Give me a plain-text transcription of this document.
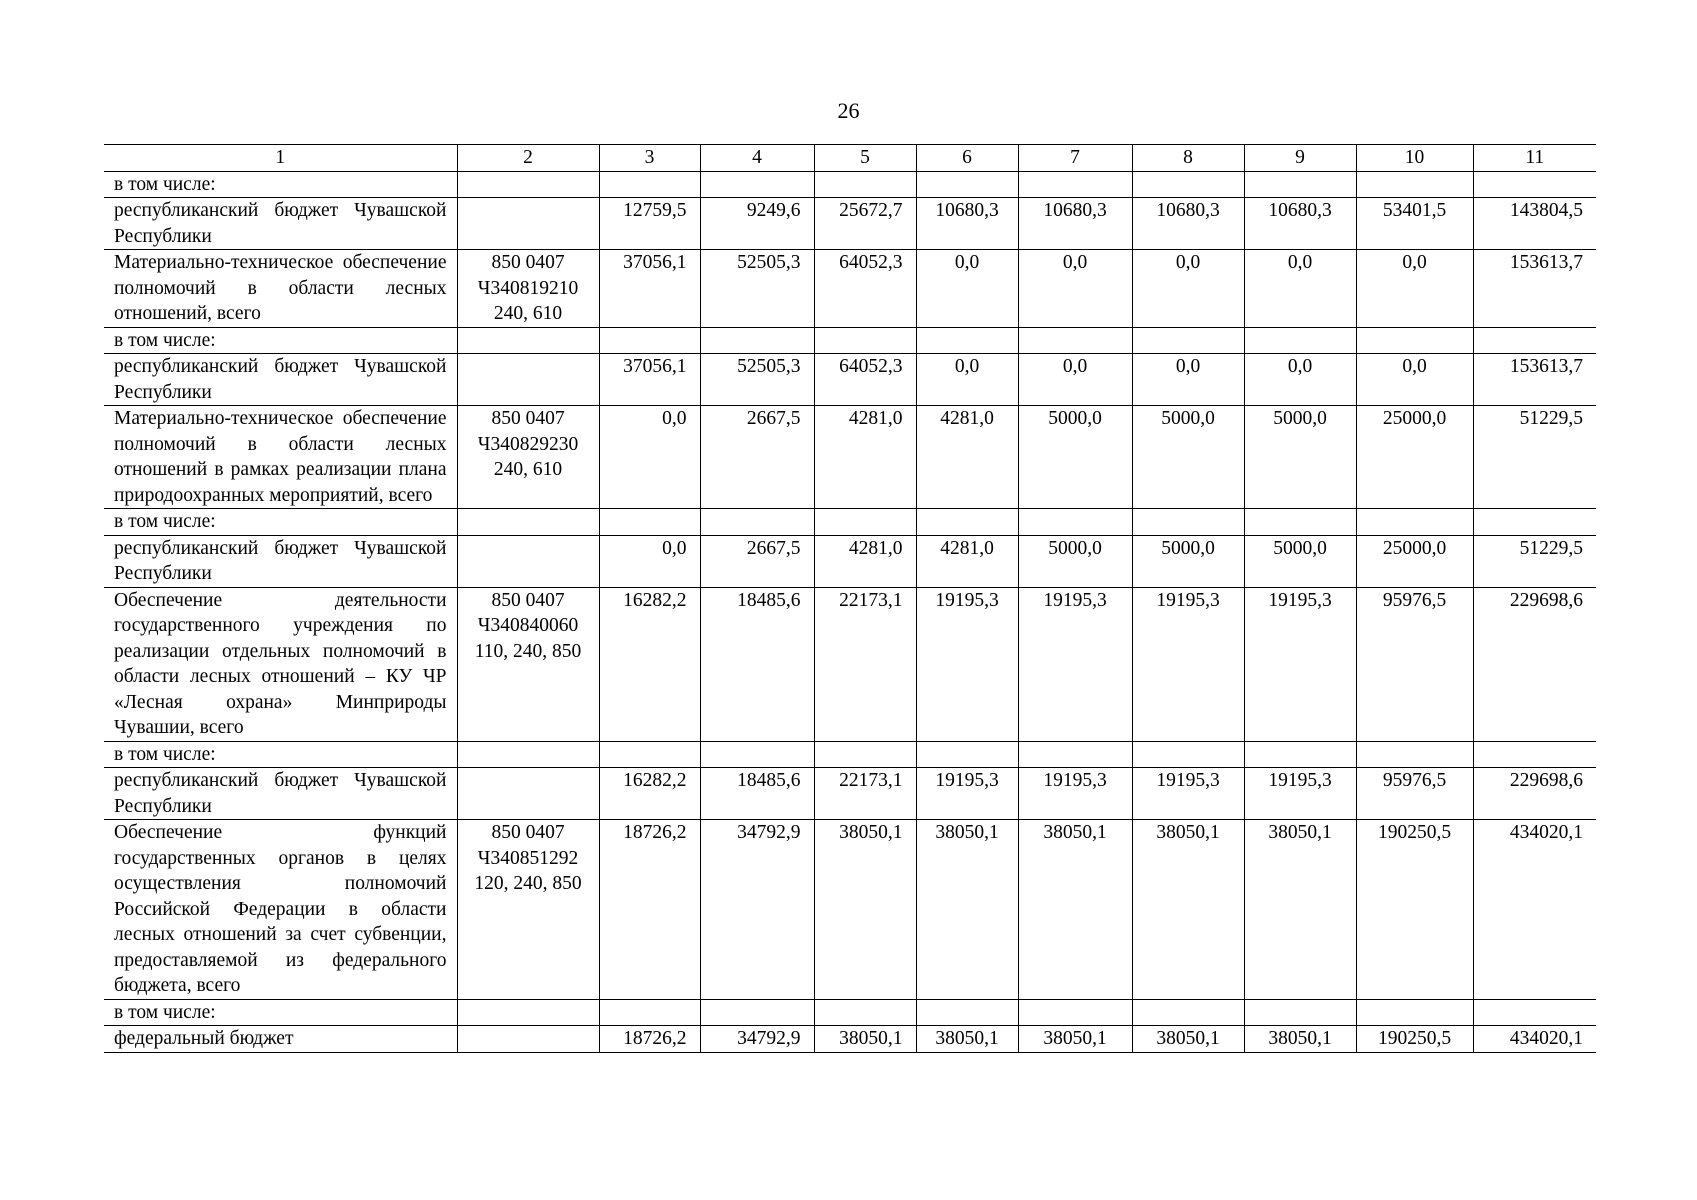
26
1	2	3	4	5	6	7	8	9	10	11
в том числе:										
республиканский бюджет Чувашской Республики		12759,5	9249,6	25672,7	10680,3	10680,3	10680,3	10680,3	53401,5	143804,5
Материально-техническое обеспечение полномочий в области лесных отношений, всего	850 0407 Ч340819210 240, 610	37056,1	52505,3	64052,3	0,0	0,0	0,0	0,0	0,0	153613,7
в том числе:										
республиканский бюджет Чувашской Республики		37056,1	52505,3	64052,3	0,0	0,0	0,0	0,0	0,0	153613,7
Материально-техническое обеспечение полномочий в области лесных отношений в рамках реализации плана природоохранных мероприятий, всего	850 0407 Ч340829230 240, 610	0,0	2667,5	4281,0	4281,0	5000,0	5000,0	5000,0	25000,0	51229,5
в том числе:										
республиканский бюджет Чувашской Республики		0,0	2667,5	4281,0	4281,0	5000,0	5000,0	5000,0	25000,0	51229,5
Обеспечение деятельности государственного учреждения по реализации отдельных полномочий в области лесных отношений – КУ ЧР «Лесная охрана» Минприроды Чувашии, всего	850 0407 Ч340840060 110, 240, 850	16282,2	18485,6	22173,1	19195,3	19195,3	19195,3	19195,3	95976,5	229698,6
в том числе:										
республиканский бюджет Чувашской Республики		16282,2	18485,6	22173,1	19195,3	19195,3	19195,3	19195,3	95976,5	229698,6
Обеспечение функций государственных органов в целях осуществления полномочий Российской Федерации в области лесных отношений за счет субвенции, предоставляемой из федерального бюджета, всего	850 0407 Ч340851292 120, 240, 850	18726,2	34792,9	38050,1	38050,1	38050,1	38050,1	38050,1	190250,5	434020,1
в том числе:										
федеральный бюджет		18726,2	34792,9	38050,1	38050,1	38050,1	38050,1	38050,1	190250,5	434020,1
